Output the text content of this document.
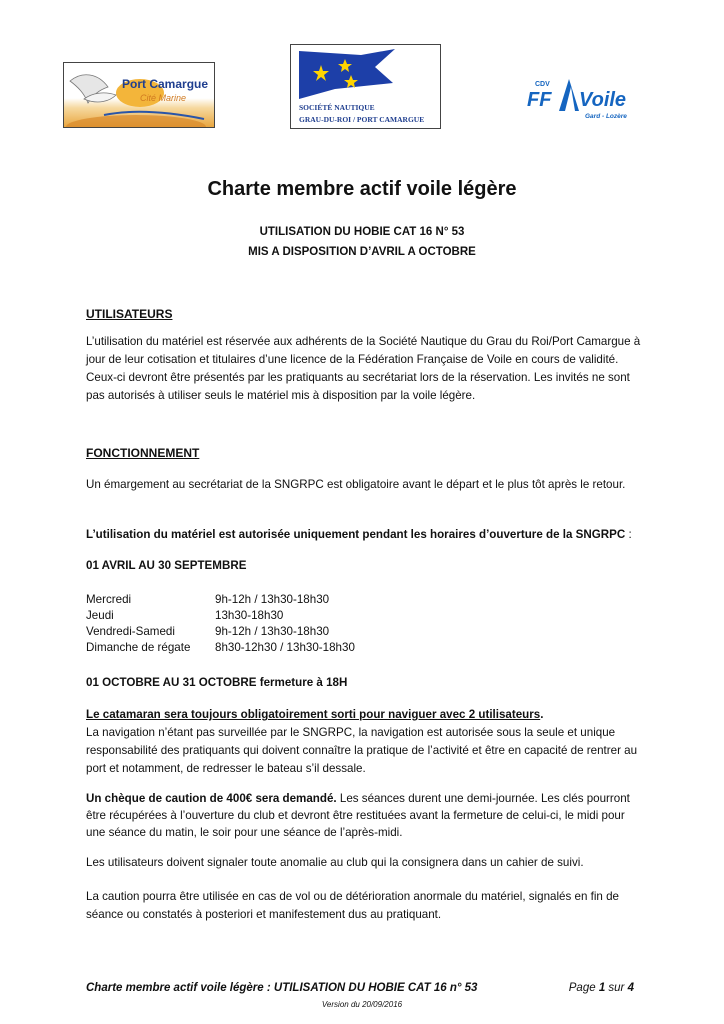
Port Camargue
Cité Marine
SOCIÉTÉ NAUTIQUE
GRAU-DU-ROI / PORT CAMARGUE
CDV
FF Voile
Gard - Lozère
Charte membre actif voile légère
UTILISATION DU HOBIE CAT 16 N° 53
MIS A DISPOSITION D’AVRIL A OCTOBRE
UTILISATEURS
L’utilisation du matériel est réservée aux adhérents de la Société Nautique du Grau du Roi/Port Camargue à jour de leur cotisation et titulaires d’une licence de la Fédération Française de Voile en cours de validité. Ceux-ci devront être présentés par les pratiquants au secrétariat lors de la réservation. Les invités ne sont pas autorisés à utiliser seuls le matériel mis à disposition par la voile légère.
FONCTIONNEMENT
Un émargement au secrétariat de la SNGRPC est obligatoire avant le départ et le plus tôt après le retour.
L’utilisation du matériel est autorisée uniquement pendant les horaires d’ouverture de la SNGRPC :
01 AVRIL AU 30 SEPTEMBRE
Mercredi	9h-12h / 13h30-18h30
Jeudi	13h30-18h30
Vendredi-Samedi	9h-12h / 13h30-18h30
Dimanche de régate	8h30-12h30 / 13h30-18h30
01 OCTOBRE AU 31 OCTOBRE fermeture à 18H
Le catamaran sera toujours obligatoirement sorti pour naviguer avec 2 utilisateurs.
La navigation n’étant pas surveillée par le SNGRPC, la navigation est autorisée sous la seule et unique responsabilité des pratiquants qui doivent connaître la pratique de l’activité et être en capacité de rentrer au port et notamment, de redresser le bateau s’il dessale.
Un chèque de caution de 400€ sera demandé. Les séances durent une demi-journée. Les clés pourront être récupérées à l’ouverture du club et devront être restituées avant la fermeture de celui-ci, le midi pour une séance du matin, le soir pour une séance de l’après-midi.
Les utilisateurs doivent signaler toute anomalie au club qui la consignera dans un cahier de suivi.
La caution pourra être utilisée en cas de vol ou de détérioration anormale du matériel, signalés en fin de séance ou constatés à posteriori et manifestement dus au pratiquant.
Charte membre actif voile légère : UTILISATION DU HOBIE CAT 16 n° 53	Page 1 sur 4
Version du 20/09/2016
